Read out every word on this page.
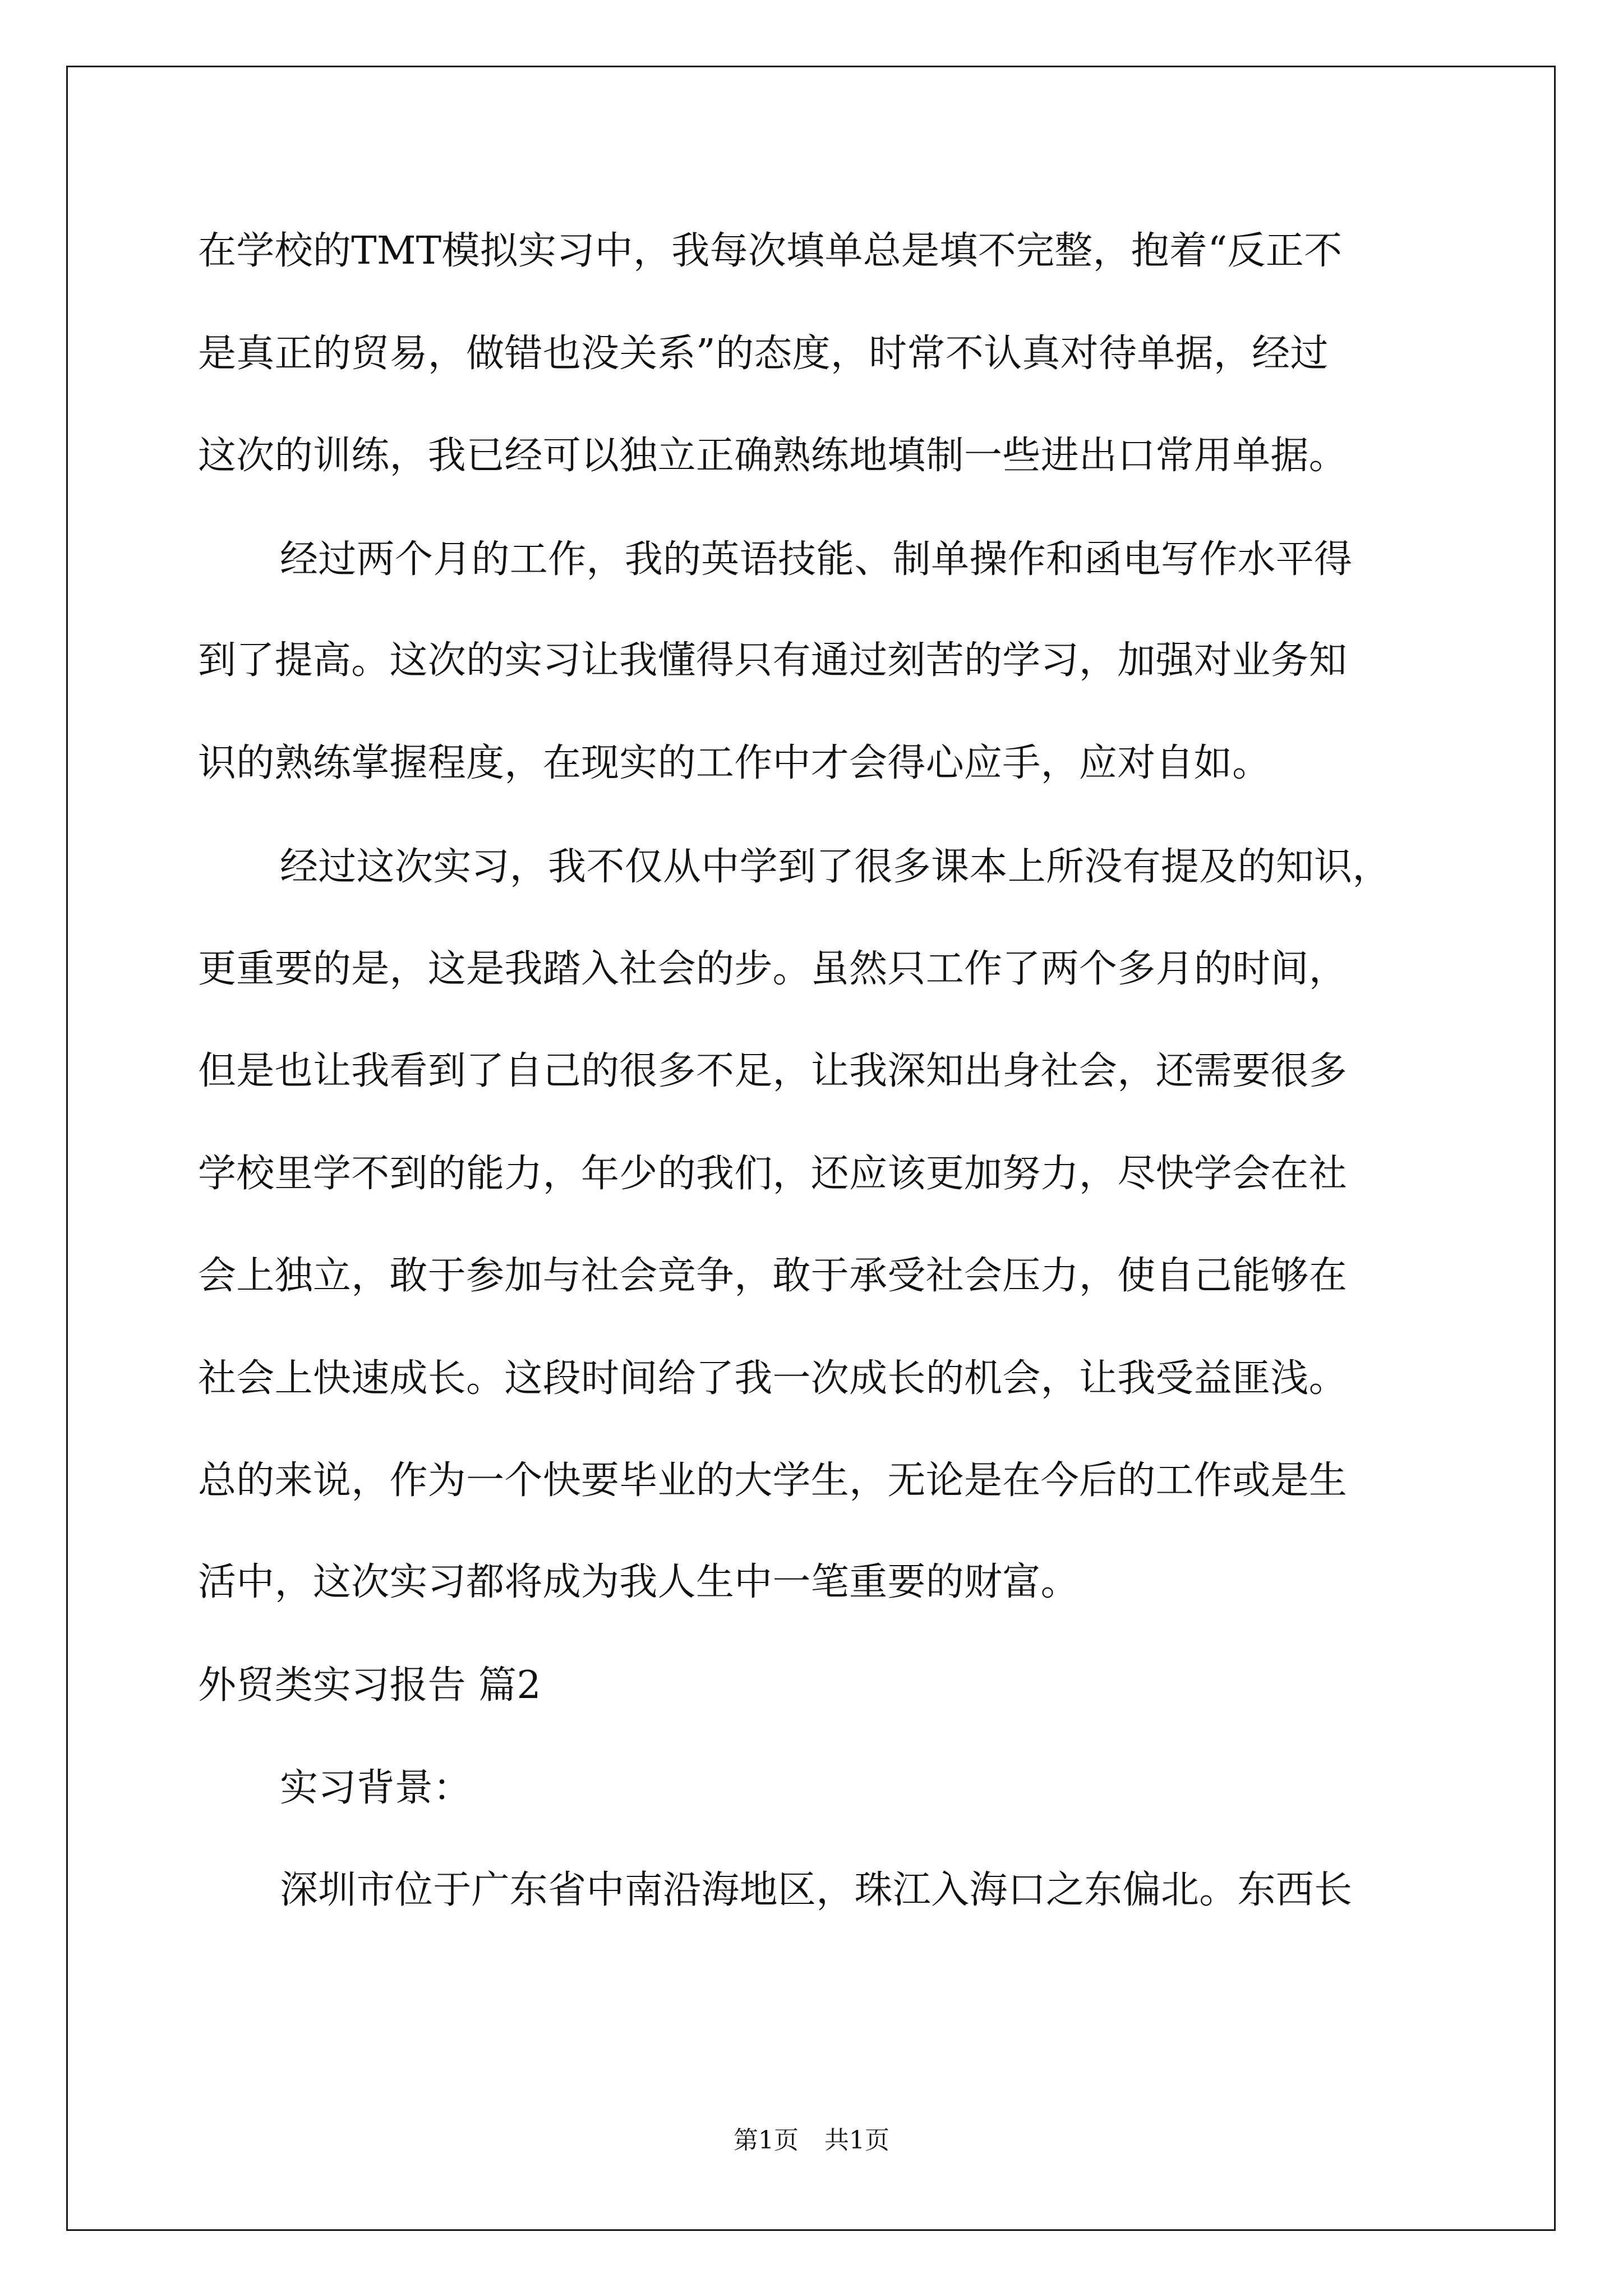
在学校的TMT模拟实习中，我每次填单总是填不完整，抱着“反正不
是真正的贸易，做错也没关系”的态度，时常不认真对待单据，经过
这次的训练，我已经可以独立正确熟练地填制一些进出口常用单据。
经过两个月的工作，我的英语技能、制单操作和函电写作水平得
到了提高。这次的实习让我懂得只有通过刻苦的学习，加强对业务知
识的熟练掌握程度，在现实的工作中才会得心应手，应对自如。
经过这次实习，我不仅从中学到了很多课本上所没有提及的知识，
更重要的是，这是我踏入社会的步。虽然只工作了两个多月的时间，
但是也让我看到了自己的很多不足，让我深知出身社会，还需要很多
学校里学不到的能力，年少的我们，还应该更加努力，尽快学会在社
会上独立，敢于参加与社会竞争，敢于承受社会压力，使自己能够在
社会上快速成长。这段时间给了我一次成长的机会，让我受益匪浅。
总的来说，作为一个快要毕业的大学生，无论是在今后的工作或是生
活中，这次实习都将成为我人生中一笔重要的财富。
外贸类实习报告 篇2
实习背景：
深圳市位于广东省中南沿海地区，珠江入海口之东偏北。东西长
第1页 共1页
